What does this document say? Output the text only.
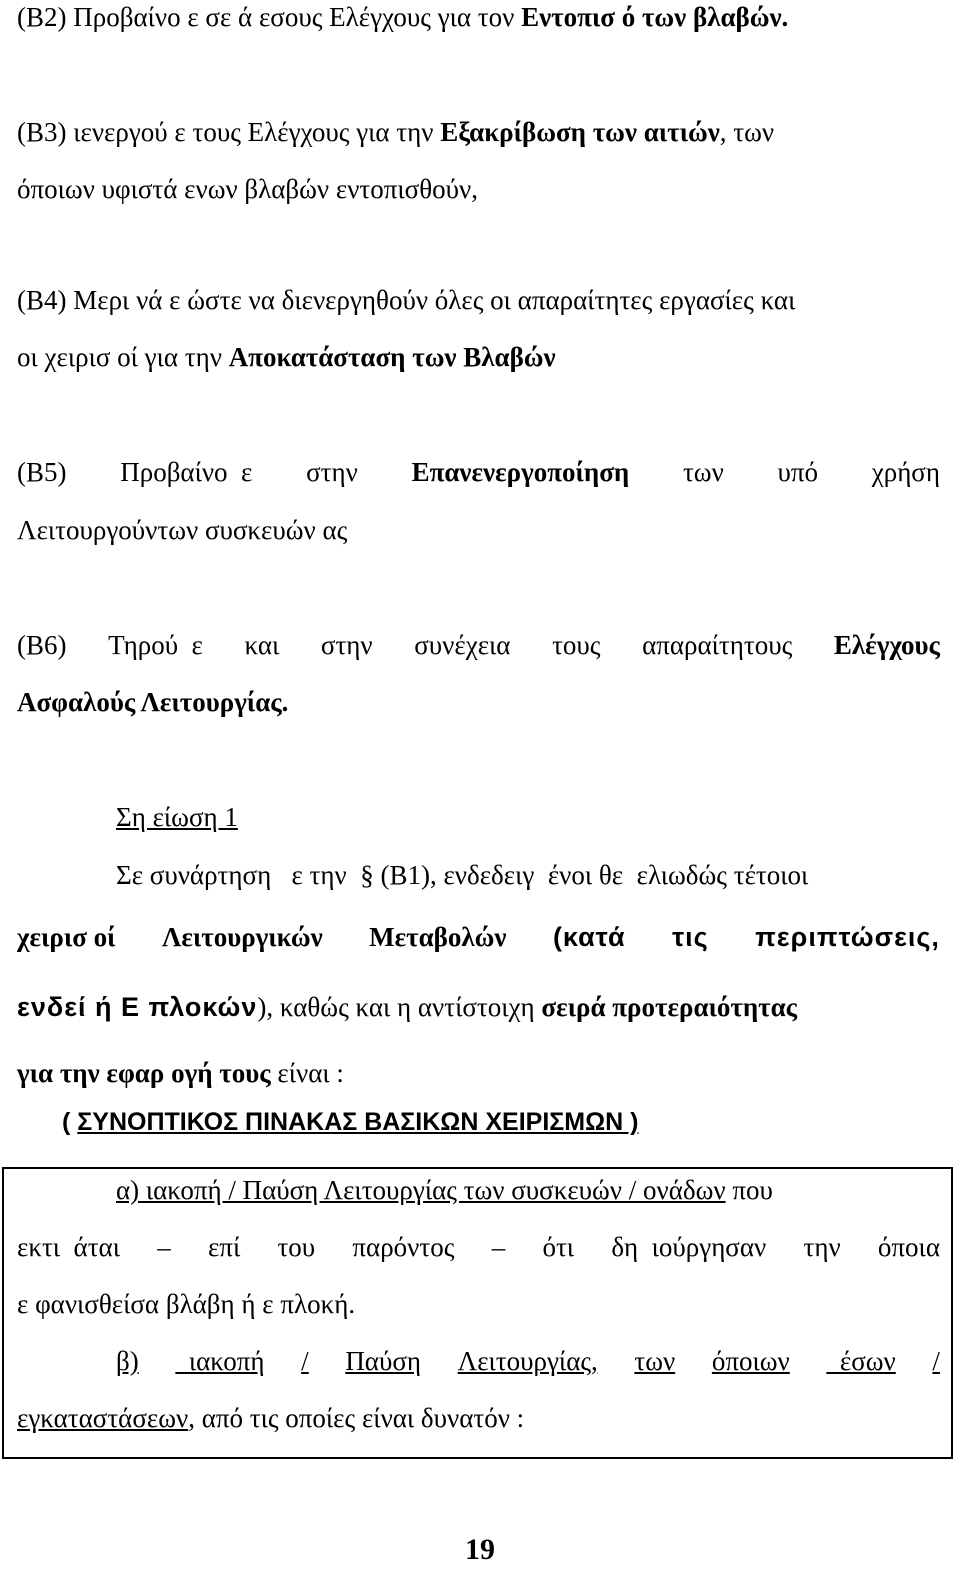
(Β2) Προβαίνο ε σε ά εσους Ελέγχους για τον Εντοπισ ό των βλαβών.
(Β3) ιενεργού ε τους Ελέγχους για την Εξακρίβωση των αιτιών, των
όποιων υφιστά ενων βλαβών εντοπισθούν,
(Β4) Μερι νά ε ώστε να διενεργηθούν όλες οι απαραίτητες εργασίες και
οι χειρισ οί για την Αποκατάσταση των Βλαβών
(Β5) Προβαίνο  ε στην Επανενεργοποίηση των υπό χρήση
Λειτουργούντων συσκευών ας
(Β6) Τηρού  ε και στην συνέχεια τους απαραίτητους Ελέγχους
Ασφαλούς Λειτουργίας.
Ση είωση 1
Σε συνάρτηση   ε την  § (Β1), ενδεδειγ  ένοι θε  ελιωδώς τέτοιοι
χειρισ οί Λειτουργικών Μεταβολών (κατά τις περιπτώσεις,
ενδεί ή Ε πλοκών), καθώς και η αντίστοιχη σειρά προτεραιότητας
για την εφαρ ογή τους είναι :
( ΣΥΝΟΠΤΙΚΟΣ ΠΙΝΑΚΑΣ ΒΑΣΙΚΩΝ ΧΕΙΡΙΣΜΩΝ )
α) ιακοπή / Παύση Λειτουργίας των συσκευών / ονάδων που
εκτι  άται – επί του παρόντος – ότι δη  ιούργησαν την όποια
ε φανισθείσα βλάβη ή ε πλοκή.
β) ιακοπή / Παύση Λειτουργίας, των όποιων έσων /
εγκαταστάσεων, από τις οποίες είναι δυνατόν :
19
